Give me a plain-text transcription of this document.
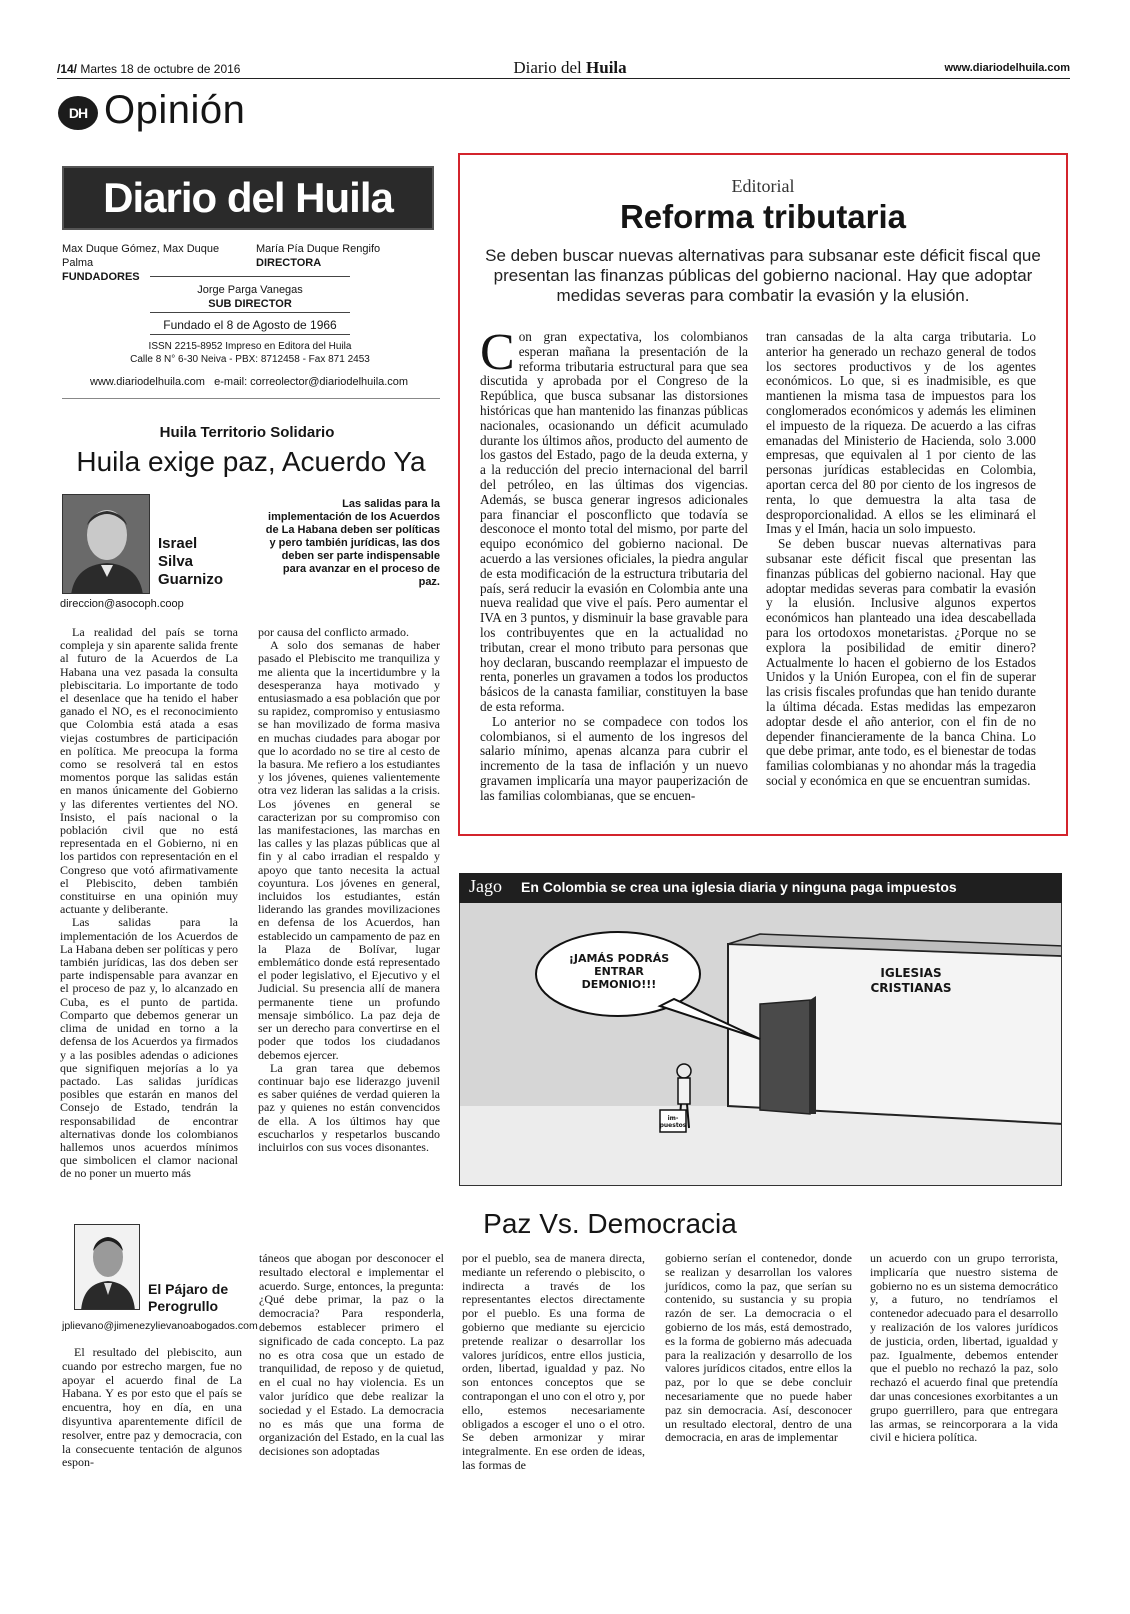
/14/ Martes 18 de octubre de 2016	Diario del Huila	www.diariodelhuila.com
DH Opinión
Diario del Huila
Max Duque Gómez, Max Duque Palma
FUNDADORES
María Pía Duque Rengifo
DIRECTORA
Jorge Parga Vanegas
SUB DIRECTOR
Fundado el 8 de Agosto de 1966
ISSN 2215-8952 Impreso en Editora del Huila
Calle 8 N° 6-30 Neiva - PBX: 8712458 - Fax 871 2453
www.diariodelhuila.com e-mail: correolector@diariodelhuila.com
Huila Territorio Solidario
Huila exige paz, Acuerdo Ya
Israel
Silva
Guarnizo
Las salidas para la implementación de los Acuerdos de La Habana deben ser políticas y pero también jurídicas, las dos deben ser parte indispensable para avanzar en el proceso de paz.
direccion@asocoph.coop

La realidad del país se torna compleja y sin aparente salida frente al futuro de la Acuerdos de La Habana una vez pasada la consulta plebiscitaria. Lo importante de todo el desenlace que ha tenido el haber ganado el NO, es el reconocimiento que Colombia está atada a esas viejas costumbres de participación en política. Me preocupa la forma como se resolverá tal en estos momentos porque las salidas están en manos únicamente del Gobierno y las diferentes vertientes del NO. Insisto, el país nacional o la población civil que no está representada en el Gobierno, ni en los partidos con representación en el Congreso que votó afirmativamente el Plebiscito, deben también constituirse en una opinión muy actuante y deliberante.

Las salidas para la implementación de los Acuerdos de La Habana deben ser políticas y pero también jurídicas, las dos deben ser parte indispensable para avanzar en el proceso de paz y, lo alcanzado en Cuba, es el punto de partida. Comparto que debemos generar un clima de unidad en torno a la defensa de los Acuerdos ya firmados y a las posibles adendas o adiciones que signifiquen mejorías a lo ya pactado. Las salidas jurídicas posibles que estarán en manos del Consejo de Estado, tendrán la responsabilidad de encontrar alternativas donde los colombianos hallemos unos acuerdos mínimos que simbolicen el clamor nacional de no poner un muerto más

por causa del conflicto armado.

A solo dos semanas de haber pasado el Plebiscito me tranquiliza y me alienta que la incertidumbre y la desesperanza haya motivado y entusiasmado a esa población que por su rapidez, compromiso y entusiasmo se han movilizado de forma masiva en muchas ciudades para abogar por que lo acordado no se tire al cesto de la basura. Me refiero a los estudiantes y los jóvenes, quienes valientemente otra vez lideran las salidas a la crisis. Los jóvenes en general se caracterizan por su compromiso con las manifestaciones, las marchas en las calles y las plazas públicas que al fin y al cabo irradian el respaldo y apoyo que tanto necesita la actual coyuntura. Los jóvenes en general, incluidos los estudiantes, están liderando las grandes movilizaciones en defensa de los Acuerdos, han establecido un campamento de paz en la Plaza de Bolívar, lugar emblemático donde está representado el poder legislativo, el Ejecutivo y el Judicial. Su presencia allí de manera permanente tiene un profundo mensaje simbólico. La paz deja de ser un derecho para convertirse en el poder que todos los ciudadanos debemos ejercer.

La gran tarea que debemos continuar bajo ese liderazgo juvenil es saber quiénes de verdad quieren la paz y quienes no están convencidos de ella. A los últimos hay que escucharlos y respetarlos buscando incluirlos con sus voces disonantes.

Editorial
Reforma tributaria
Se deben buscar nuevas alternativas para subsanar este déficit fiscal que presentan las finanzas públicas del gobierno nacional. Hay que adoptar medidas severas para combatir la evasión y la elusión.

Con gran expectativa, los colombianos esperan mañana la presentación de la reforma tributaria estructural para que sea discutida y aprobada por el Congreso de la República, que busca subsanar las distorsiones históricas que han mantenido las finanzas públicas nacionales, ocasionando un déficit acumulado durante los últimos años, producto del aumento de los gastos del Estado, pago de la deuda externa, y a la reducción del precio internacional del barril del petróleo, en las últimas dos vigencias. Además, se busca generar ingresos adicionales para financiar el posconflicto que todavía se desconoce el monto total del mismo, por parte del equipo económico del gobierno nacional. De acuerdo a las versiones oficiales, la piedra angular de esta modificación de la estructura tributaria del país, será reducir la evasión en Colombia ante una nueva realidad que vive el país. Pero aumentar el IVA en 3 puntos, y disminuir la base gravable para los contribuyentes que en la actualidad no tributan, crear el mono tributo para personas que hoy declaran, buscando reemplazar el impuesto de renta, ponerles un gravamen a todos los productos básicos de la canasta familiar, constituyen la base de esta reforma.

Lo anterior no se compadece con todos los colombianos, si el aumento de los ingresos del salario mínimo, apenas alcanza para cubrir el incremento de la tasa de inflación y un nuevo gravamen implicaría una mayor pauperización de las familias colombianas, que se encuen-

tran cansadas de la alta carga tributaria. Lo anterior ha generado un rechazo general de todos los sectores productivos y de los agentes económicos. Lo que, si es inadmisible, es que mantienen la misma tasa de impuestos para los conglomerados económicos y además les eliminen el impuesto de la riqueza. De acuerdo a las cifras emanadas del Ministerio de Hacienda, solo 3.000 empresas, que equivalen al 1 por ciento de las personas jurídicas establecidas en Colombia, aportan cerca del 80 por ciento de los ingresos de renta, lo que demuestra la alta tasa de desproporcionalidad. A ellos se les eliminará el Imas y el Imán, hacia un solo impuesto.

Se deben buscar nuevas alternativas para subsanar este déficit fiscal que presentan las finanzas públicas del gobierno nacional. Hay que adoptar medidas severas para combatir la evasión y la elusión. Inclusive algunos expertos económicos han planteado una idea descabellada para los ortodoxos monetaristas. ¿Porque no se explora la posibilidad de emitir dinero? Actualmente lo hacen el gobierno de los Estados Unidos y la Unión Europea, con el fin de superar las crisis fiscales profundas que han tenido durante la última década. Estas medidas las empezaron adoptar desde el año anterior, con el fin de no depender financieramente de la banca China. Lo que debe primar, ante todo, es el bienestar de todas familias colombianas y no ahondar más la tragedia social y económica en que se encuentran sumidas.

¡JAMÁS PODRÁS ENTRAR DEMONIO!!!
IGLESIAS CRISTIANAS
im-puestos
Jago En Colombia se crea una iglesia diaria y ninguna paga impuestos
Paz Vs. Democracia
El Pájaro de
Perogrullo
jplievano@jimenezylievanoabogados.com

El resultado del plebiscito, aun cuando por estrecho margen, fue no apoyar el acuerdo final de La Habana. Y es por esto que el país se encuentra, hoy en día, en una disyuntiva aparentemente difícil de resolver, entre paz y democracia, con la consecuente tentación de algunos espon-

táneos que abogan por desconocer el resultado electoral e implementar el acuerdo. Surge, entonces, la pregunta: ¿Qué debe primar, la paz o la democracia? Para responderla, debemos establecer primero el significado de cada concepto. La paz no es otra cosa que un estado de tranquilidad, de reposo y de quietud, en el cual no hay violencia. Es un valor jurídico que debe realizar la sociedad y el Estado. La democracia no es más que una forma de organización del Estado, en la cual las decisiones son adoptadas

por el pueblo, sea de manera directa, mediante un referendo o plebiscito, o indirecta a través de los representantes electos directamente por el pueblo. Es una forma de gobierno que mediante su ejercicio pretende realizar o desarrollar los valores jurídicos, entre ellos justicia, orden, libertad, igualdad y paz. No son entonces conceptos que se contrapongan el uno con el otro y, por ello, estemos necesariamente obligados a escoger el uno o el otro. Se deben armonizar y mirar integralmente. En ese orden de ideas, las formas de

gobierno serían el contenedor, donde se realizan y desarrollan los valores jurídicos, como la paz, que serían su contenido, su sustancia y su propia razón de ser. La democracia o el gobierno de los más, está demostrado, es la forma de gobierno más adecuada para la realización y desarrollo de los valores jurídicos citados, entre ellos la paz, por lo que se debe concluir necesariamente que no puede haber paz sin democracia. Así, desconocer un resultado electoral, dentro de una democracia, en aras de implementar

un acuerdo con un grupo terrorista, implicaría que nuestro sistema de gobierno no es un sistema democrático y, a futuro, no tendríamos el contenedor adecuado para el desarrollo y realización de los valores jurídicos de justicia, orden, libertad, igualdad y paz. Igualmente, debemos entender que el pueblo no rechazó la paz, solo rechazó el acuerdo final que pretendía dar unas concesiones exorbitantes a un grupo guerrillero, para que entregara las armas, se reincorporara a la vida civil e hiciera política.
